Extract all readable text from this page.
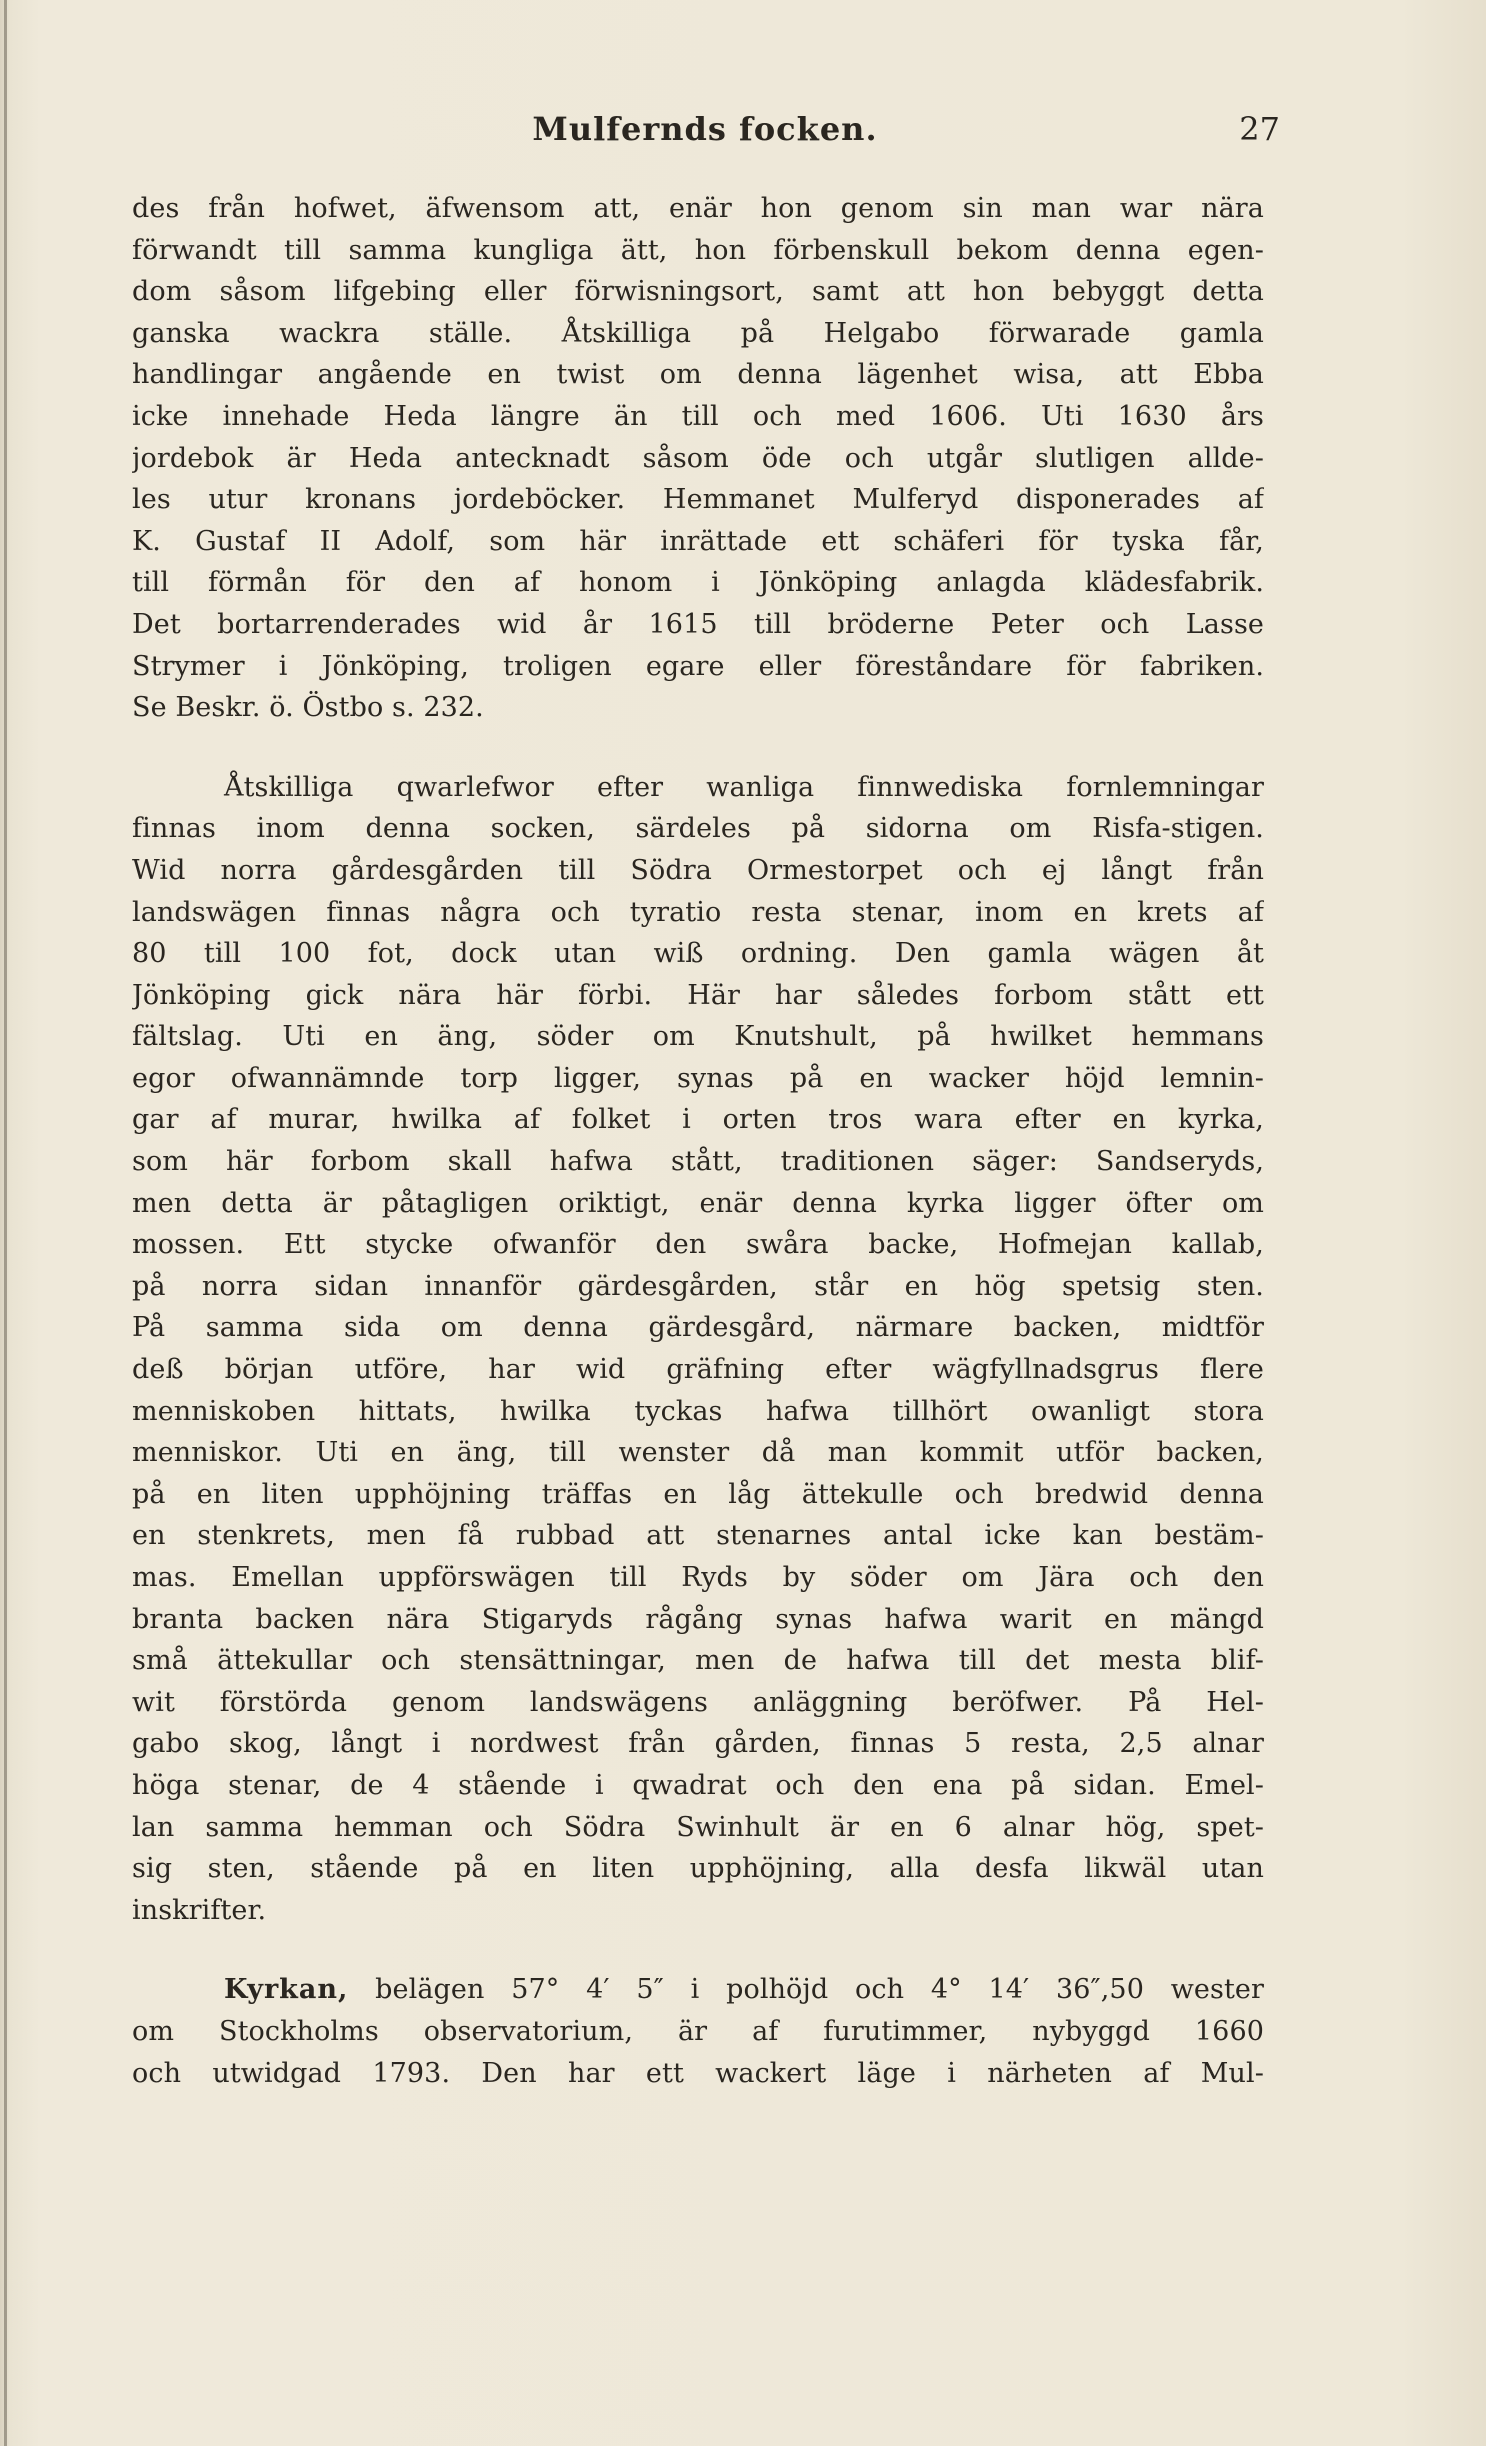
Mulfernds focken.	27
des från hofwet, äfwensom att, enär hon genom sin man war nära
förwandt till samma kungliga ätt, hon förbenskull bekom denna egen-
dom såsom lifgebing eller förwisningsort, samt att hon bebyggt detta
ganska wackra ställe. Åtskilliga på Helgabo förwarade gamla
handlingar angående en twist om denna lägenhet wisa, att Ebba
icke innehade Heda längre än till och med 1606. Uti 1630 års
jordebok är Heda antecknadt såsom öde och utgår slutligen allde-
les utur kronans jordeböcker. Hemmanet Mulferyd disponerades af
K. Gustaf II Adolf, som här inrättade ett schäferi för tyska får,
till förmån för den af honom i Jönköping anlagda klädesfabrik.
Det bortarrenderades wid år 1615 till bröderne Peter och Lasse
Strymer i Jönköping, troligen egare eller föreståndare för fabriken.
Se Beskr. ö. Östbo s. 232.
Åtskilliga qwarlefwor efter wanliga finnwediska fornlemningar
finnas inom denna socken, särdeles på sidorna om Risfa-stigen.
Wid norra gårdesgården till Södra Ormestorpet och ej långt från
landswägen finnas några och tyratio resta stenar, inom en krets af
80 till 100 fot, dock utan wiß ordning. Den gamla wägen åt
Jönköping gick nära här förbi. Här har således forbom stått ett
fältslag. Uti en äng, söder om Knutshult, på hwilket hemmans
egor ofwannämnde torp ligger, synas på en wacker höjd lemnin-
gar af murar, hwilka af folket i orten tros wara efter en kyrka,
som här forbom skall hafwa stått, traditionen säger: Sandseryds,
men detta är påtagligen oriktigt, enär denna kyrka ligger öfter om
mossen. Ett stycke ofwanför den swåra backe, Hofmejan kallab,
på norra sidan innanför gärdesgården, står en hög spetsig sten.
På samma sida om denna gärdesgård, närmare backen, midtför
deß början utföre, har wid gräfning efter wägfyllnadsgrus flere
menniskoben hittats, hwilka tyckas hafwa tillhört owanligt stora
menniskor. Uti en äng, till wenster då man kommit utför backen,
på en liten upphöjning träffas en låg ättekulle och bredwid denna
en stenkrets, men få rubbad att stenarnes antal icke kan bestäm-
mas. Emellan uppförswägen till Ryds by söder om Jära och den
branta backen nära Stigaryds rågång synas hafwa warit en mängd
små ättekullar och stensättningar, men de hafwa till det mesta blif-
wit förstörda genom landswägens anläggning beröfwer. På Hel-
gabo skog, långt i nordwest från gården, finnas 5 resta, 2,5 alnar
höga stenar, de 4 stående i qwadrat och den ena på sidan. Emel-
lan samma hemman och Södra Swinhult är en 6 alnar hög, spet-
sig sten, stående på en liten upphöjning, alla desfa likwäl utan
inskrifter.
Kyrkan, belägen 57° 4′ 5″ i polhöjd och 4° 14′ 36″,50 wester
om Stockholms observatorium, är af furutimmer, nybyggd 1660
och utwidgad 1793. Den har ett wackert läge i närheten af Mul-
